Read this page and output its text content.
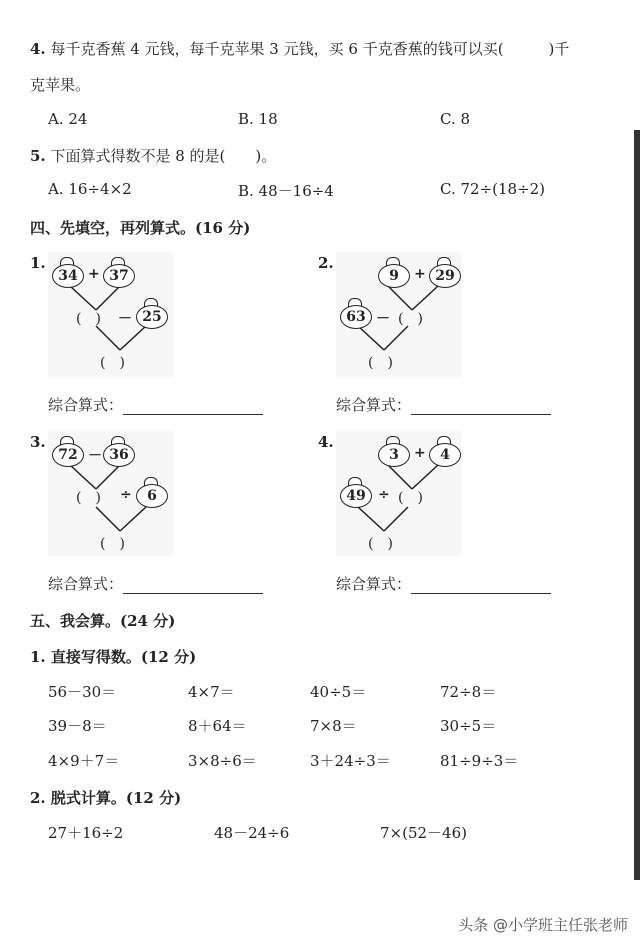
4. 每千克香蕉 4 元钱，每千克苹果 3 元钱，买 6 千克香蕉的钱可以买(　　　)千
克苹果。
A. 24	B. 18	C. 8
5. 下面算式得数不是 8 的是(　　)。
A. 16÷4×2	B. 48－16÷4	C. 72÷(18÷2)
四、先填空，再列算式。(16 分)
1.
34 + 37
(　) － 25
(　)
综合算式：
2.
9	+ 29
63 － (　)
(　)
综合算式：
3.
72 － 36
(　) ÷	6
(　)
综合算式：
4.
3	+	4
49 ÷ (　)
(　)
综合算式：
五、我会算。(24 分)
1. 直接写得数。(12 分)
56－30＝	4×7＝	40÷5＝	72÷8＝
39－8＝	8＋64＝	7×8＝	30÷5＝
4×9＋7＝	3×8÷6＝	3＋24÷3＝	81÷9÷3＝
2. 脱式计算。(12 分)
27＋16÷2	48－24÷6	7×(52－46)
头条 @小学班主任张老师
